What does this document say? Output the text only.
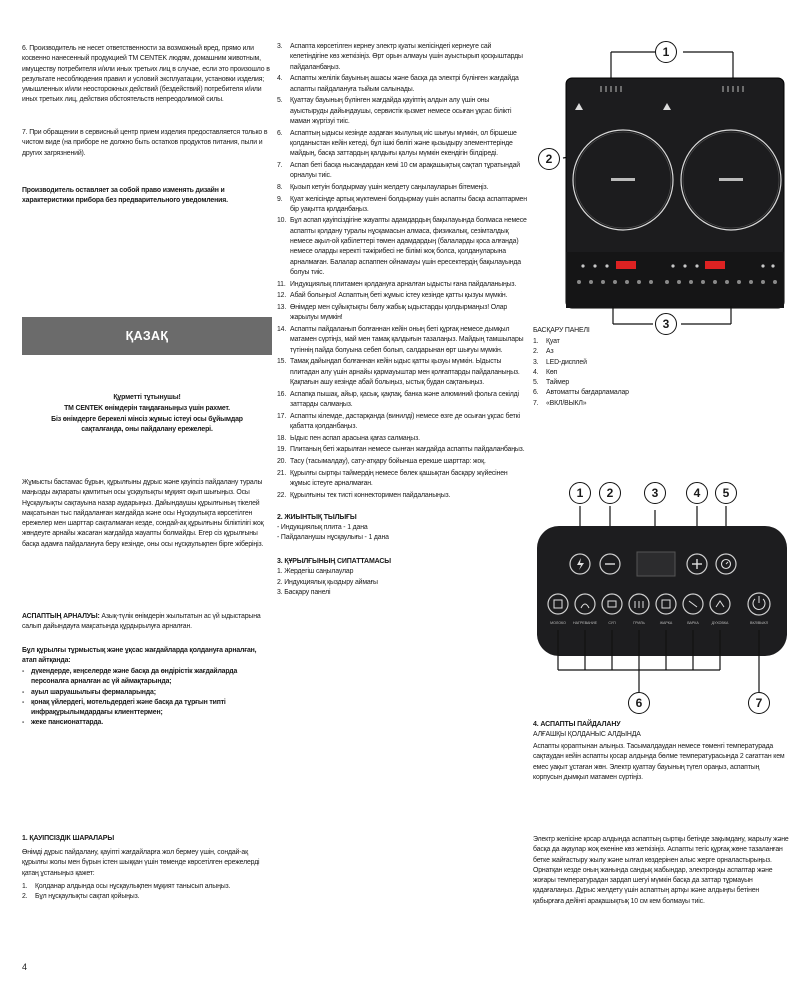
6. Производитель не несет ответственности за возможный вред, прямо или косвенно нанесенный продукцией ТМ CENTEK людям, домашним животным, имуществу потребителя и/или иных третьих лиц в случае, если это произошло в результате несоблюдения правил и условий эксплуатации, установки изделия; умышленных и/или неосторожных действий (бездействий) потребителя и/или иных третьих лиц, действия обстоятельств непреодолимой силы.

7. При обращении в сервисный центр прием изделия предоставляется только в чистом виде (на приборе не должно быть остатков продуктов питания, пыли и других загрязнений).

Производитель оставляет за собой право изменять дизайн и характеристики прибора без предварительного уведомления.

ҚАЗАҚ

Құрметті тұтынушы!

ТМ CENTEK өнімдерін таңдағаныңыз үшін рахмет.

Біз өнімдерге берекелі мінсіз жұмыс істеуі осы бұйымдар сақталғанда, оны пайдалану ережелері.

Жұмысты бастамас бұрын, құрылғыны дұрыс және қауіпсіз пайдалану туралы маңызды ақпараты қамтитын осы ұсқаулықты мұқият оқып шығыңыз. Осы Нұсқаулықты сақтауына назар аударыңыз. Дайындаушы құрылғының тікелей мақсатынан тыс пайдаланған жағдайда және осы Нұсқаулықта көрсетілген ережелер мен шарттар сақталмаған кезде, сондай-ақ құрылғыны біліктілігі жоқ жөндеуге арнайы жасаған жағдайда жауапты болмайды. Егер сіз құрылғыны басқа адамға пайдалануға беру кезінде, оны осы нұсқаулықпен бірге жіберіңіз.

АСПАПТЫҢ АРНАЛУЫ: Азық-түлік өнімдерін жылытатын ас үй ыдыстарына салып дайындауға мақсатында құрдырылуға арналған.

Бұл құрылғы тұрмыстық және ұқсас жағдайларда қолдануға арналған, атап айтқанда:

- дүкендерде, кеңселерде және басқа да өндірістік жағдайларда персоналға арналған ас үй аймақтарында;
- ауыл шаруашылығы фермаларында;
- қонақ үйлердегі, мотельдердегі және басқа да тұрғын типті инфрақұрылымдардағы клиенттермен;
- жеке пансионаттарда.

1. ҚАУІПСІЗДІК ШАРАЛАРЫ

Өнімді дұрыс пайдалану, қауіпті жағдайларға жол бермеу үшін, сондай-ақ құрылғы жолы мен бүрын істен шыққан үшін төменде көрсетілген ережелерді қатаң ұстаныңыз қажет:

1.	Қолданар алдында осы нұсқаулықпен мұқият танысып алыңыз.
2.	Бұл нұсқаулықты сақтап қойыңыз.
4
3.	Аспапта көрсетілген кернеу электр қуаты желісіндегі кернеуге сай келетіндігіне көз жеткізіңіз. Өрт орын алмауы үшін ауыстырып қосқыштарды пайдаланбаңыз.
4.	Аспапты желілік бауының ашасы және басқа да электрі бүлінген жағдайда аспапты пайдалануға тыйым салынады.
5.	Қуаттау бауының бүлінген жағдайда қауіптің алдын алу үшін оны ауыстыруды дайындаушы, сервистік қызмет немесе осыған ұқсас білікті маман жүргізуі тиіс.
6.	Аспаптың ыдысы кезінде аздаған жылулық иіс шығуы мүмкін, ол біршеше қолданыстан кейін кетеді, бұл ішкі бөлігі және қызыдыру элементтерінде майдың, басқа заттардың қалдығы қалуы мүмкін екендігін білдіреді.
7.	Аспап беті басқа нысандардан кемі 10 см арақашықтық сақтап тұратындай орналуы тиіс.
8.	Қызып кетуін болдырмау үшін желдету саңылауларын бітемеңіз.
9.	Қуат желісінде артық жүктемені болдырмау үшін аспапты басқа аспаптармен бір уақытта қолданбаңыз.
10. Бұл аспап қауіпсіздігіне жауапты адамдардың бақылауында болмаса немесе аспапты қолдану туралы нұсқамасын алмаса, физикалық, сезімталдық немесе ақыл-ой қабілеттері төмен адамдардың (балаларды қоса алғанда) немесе оларды керекті тәжірибесі не білімі жоқ болса, қолдануларына арналмаған. Балалар аспаппен ойнамауы үшін ересектердің бақылауында болуы тиіс.
11. Индукциялық плитамен қолдануға арналған ыдысты ғана пайдаланыңыз.
12. Абай болыңыз! Аспаптың беті жұмыс істеу кезінде қатты қызуы мүмкін.
13. Өнімдер мен сұйықтықты бөлу жабық ыдыстарды қолдырмаңыз! Олар жарылуы мүмкін!
14. Аспапты пайдаланып болғаннан кейін оның беті құрғақ немесе дымқыл матамен сүртіңіз, май мен тамақ қалдығын тазалаңыз. Майдың тамшылары түтіннің пайда болуына себеп болып, салдарынан өрт шығуы мүмкін.
15. Тамақ дайындап болғаннан кейін ыдыс қатты қызуы мүмкін. Ыдысты плитадан алу үшін арнайы қармауыштар мен қолғаптарды пайдаланыңыз. Қақпағын ашу кезінде абай болыңыз, ыстық будан сақтаныңыз.
16. Аспапқа пышақ, айыр, қасық, қақпақ, банка және алюминий фольга секілді заттарды салмаңыз.
17. Аспапты кілемде, дастарқанда (винилді) немесе өзге де осыған ұқсас беткі қабатта қолданбаңыз.
18. Ыдыс пен аспап арасына қағаз салмаңыз.
19. Плитаның беті жарылған немесе сынған жағдайда аспапты пайдаланбаңыз.
20. Тасу (тасымалдау), сату-атқару бойынша ерекше шарттар: жоқ.
21. Құрылғы сыртқы таймердің немесе бөлек қашықтан басқару жүйесінен жұмыс істеуге арналмаған.
22. Құрылғыны тек тисті коннекторимен пайдаланыңыз.

2. ЖИЫНТЫҚ ТЫЛЫҒЫ

- Индукциялық плита - 1 дана

- Пайдаланушы нұсқаулығы - 1 дана

3. ҚҰРЫЛҒЫНЫҢ СИПАТТАМАСЫ

1. Жердегіш саңылаулар

2. Индукциялық қыздыру аймағы

3. Басқару панелі

1
2
3

БАСҚАРУ ПАНЕЛІ

1.	Қуат
2.	Аз
3.	LED-дисплей
4.	Көп
5.	Таймер
6.	Автоматты бағдарламалар
7.	«ВКЛ/ВЫКЛ»
МОЛОКО НАГРЕВАНИЕ	СУП	ГРИЛЬ	ЖАРКА	ВАРКА	ДУХОВКА	ВКЛ/ВЫКЛ
1	2	3	4	5
6	7

4. АСПАПТЫ ПАЙДАЛАНУ

АЛҒАШҚЫ ҚОЛДАНЫС АЛДЫНДА

Аспапты қораптынан алыңыз. Тасымалдаудан немесе төменгі температурада сақтаудан кейін аспапты қосар алдында бөлме температурасында 2 сағаттан кем емес уақыт ұстаған жөн. Электр қуаттау бауының түгел ораңыз, аспаптың корпусын дымқыл матамен сүртіңіз.

Электр желісіне қосар алдында аспаптың сыртқы бетінде зақымдану, жарылу және басқа да ақаулар жоқ екеніне көз жеткізіңіз. Аспапты тегіс құрғақ жөне тазаланған бетке жайғастыру жылу және ылғал көздерінен алыс жерге орналастырыңыз. Орнатқан кезде оның жанында сандық жабындар, электронды аспаптар және жоғары температурадан зардап шегуі мүмкін басқа да заттар тұрмауын қадағалаңыз. Дұрыс желдету үшін аспаптың артқы және алдыңғы бетінен қабырғаға дейінгі арақашықтық 10 см кем болмауы тиіс.
